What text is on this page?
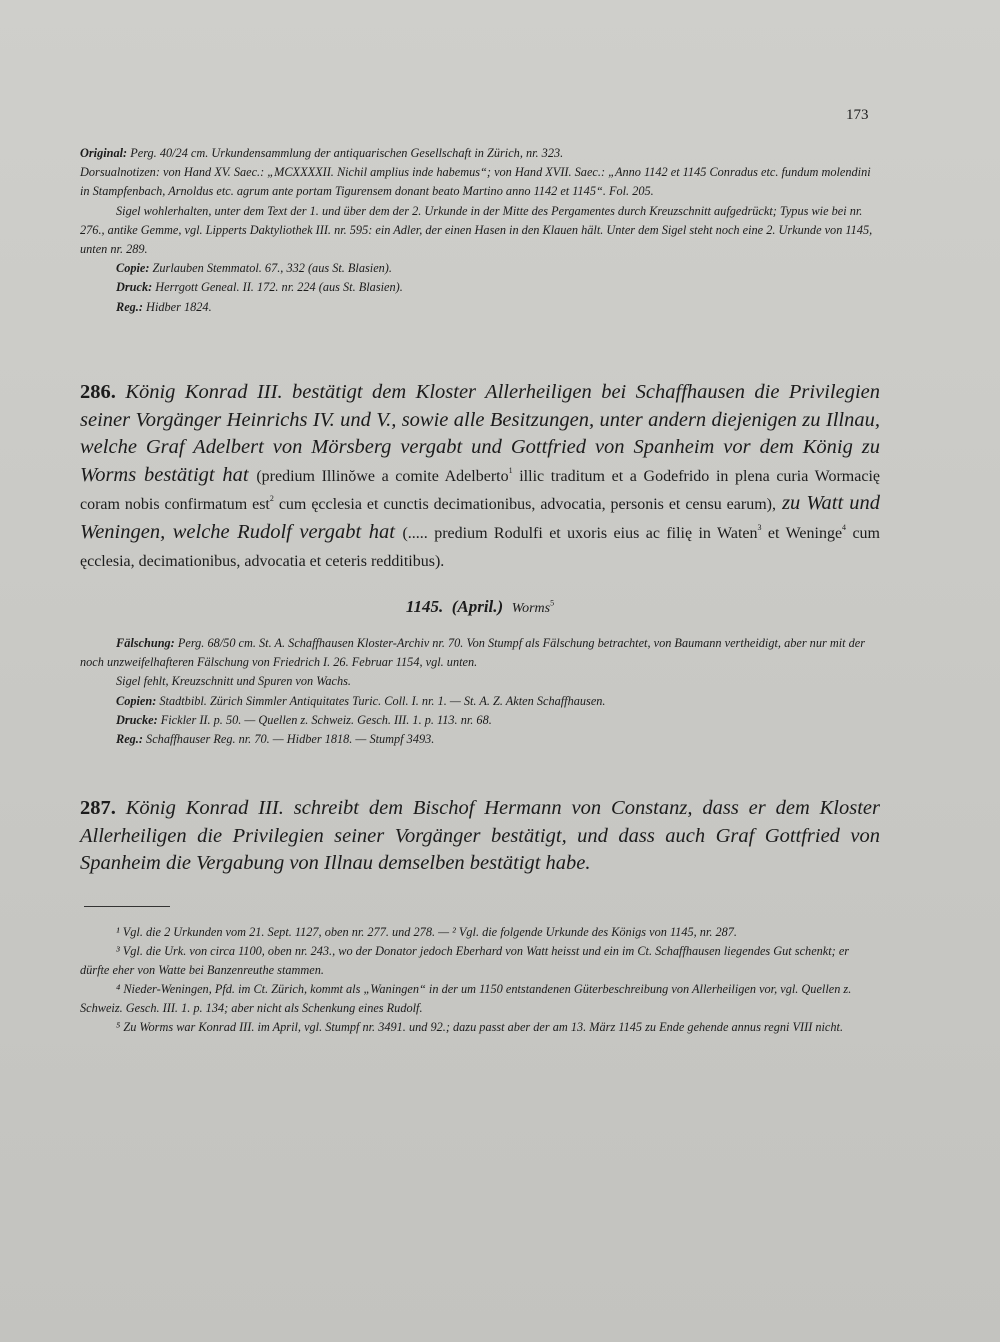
173

Original: Perg. 40/24 cm. Urkundensammlung der antiquarischen Gesellschaft in Zürich, nr. 323.

Dorsualnotizen: von Hand XV. Saec.: „MCXXXXII. Nichil amplius inde habemus“; von Hand XVII. Saec.: „Anno 1142 et 1145 Conradus etc. fundum molendini in Stampfenbach, Arnoldus etc. agrum ante portam Tigurensem donant beato Martino anno 1142 et 1145“. Fol. 205.

Sigel wohlerhalten, unter dem Text der 1. und über dem der 2. Urkunde in der Mitte des Pergamentes durch Kreuzschnitt aufgedrückt; Typus wie bei nr. 276., antike Gemme, vgl. Lipperts Daktyliothek III. nr. 595: ein Adler, der einen Hasen in den Klauen hält. Unter dem Sigel steht noch eine 2. Urkunde von 1145, unten nr. 289.

Copie: Zurlauben Stemmatol. 67., 332 (aus St. Blasien).

Druck: Herrgott Geneal. II. 172. nr. 224 (aus St. Blasien).

Reg.: Hidber 1824.

286. König Konrad III. bestätigt dem Kloster Allerheiligen bei Schaffhausen die Privilegien seiner Vorgänger Heinrichs IV. und V., sowie alle Besitzungen, unter andern diejenigen zu Illnau, welche Graf Adelbert von Mörsberg vergabt und Gottfried von Spanheim vor dem König zu Worms bestätigt hat (predium Illinŏwe a comite Adelberto$^1$ illic traditum et a Godefrido in plena curia Wormacię coram nobis confirmatum est$^2$ cum ęcclesia et cunctis decimationibus, advocatia, personis et censu earum), zu Watt und Weningen, welche Rudolf vergabt hat (..... predium Rodulfi et uxoris eius ac filię in Waten$^3$ et Weninge$^4$ cum ęcclesia, decimationibus, advocatia et ceteris redditibus).
1145. (April.) Worms$^5$

Fälschung: Perg. 68/50 cm. St. A. Schaffhausen Kloster-Archiv nr. 70. Von Stumpf als Fälschung betrachtet, von Baumann vertheidigt, aber nur mit der noch unzweifelhafteren Fälschung von Friedrich I. 26. Februar 1154, vgl. unten.

Sigel fehlt, Kreuzschnitt und Spuren von Wachs.

Copien: Stadtbibl. Zürich Simmler Antiquitates Turic. Coll. I. nr. 1. — St. A. Z. Akten Schaffhausen.

Drucke: Fickler II. p. 50. — Quellen z. Schweiz. Gesch. III. 1. p. 113. nr. 68.

Reg.: Schaffhauser Reg. nr. 70. — Hidber 1818. — Stumpf 3493.

287. König Konrad III. schreibt dem Bischof Hermann von Constanz, dass er dem Kloster Allerheiligen die Privilegien seiner Vorgänger bestätigt, und dass auch Graf Gottfried von Spanheim die Vergabung von Illnau demselben bestätigt habe.

¹ Vgl. die 2 Urkunden vom 21. Sept. 1127, oben nr. 277. und 278. — ² Vgl. die folgende Urkunde des Königs von 1145, nr. 287.

³ Vgl. die Urk. von circa 1100, oben nr. 243., wo der Donator jedoch Eberhard von Watt heisst und ein im Ct. Schaffhausen liegendes Gut schenkt; er dürfte eher von Watte bei Banzenreuthe stammen.

⁴ Nieder-Weningen, Pfd. im Ct. Zürich, kommt als „Waningen“ in der um 1150 entstandenen Güterbeschreibung von Allerheiligen vor, vgl. Quellen z. Schweiz. Gesch. III. 1. p. 134; aber nicht als Schenkung eines Rudolf.

⁵ Zu Worms war Konrad III. im April, vgl. Stumpf nr. 3491. und 92.; dazu passt aber der am 13. März 1145 zu Ende gehende annus regni VIII nicht.
